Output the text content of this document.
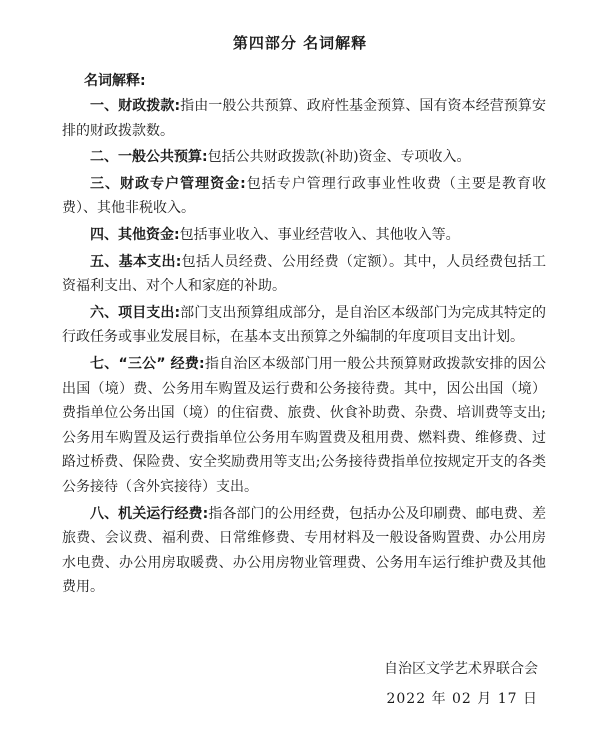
第四部分 名词解释
名词解释:

一、财政拨款:指由一般公共预算、政府性基金预算、国有资本经营预算安排的财政拨款数。

二、一般公共预算:包括公共财政拨款(补助)资金、专项收入。

三、财政专户管理资金:包括专户管理行政事业性收费（主要是教育收费）、其他非税收入。

四、其他资金:包括事业收入、事业经营收入、其他收入等。

五、基本支出:包括人员经费、公用经费（定额）。其中，人员经费包括工资福利支出、对个人和家庭的补助。

六、项目支出:部门支出预算组成部分，是自治区本级部门为完成其特定的行政任务或事业发展目标，在基本支出预算之外编制的年度项目支出计划。

七、“三公” 经费:指自治区本级部门用一般公共预算财政拨款安排的因公出国（境）费、公务用车购置及运行费和公务接待费。其中，因公出国（境）费指单位公务出国（境）的住宿费、旅费、伙食补助费、杂费、培训费等支出;公务用车购置及运行费指单位公务用车购置费及租用费、燃料费、维修费、过路过桥费、保险费、安全奖励费用等支出;公务接待费指单位按规定开支的各类公务接待（含外宾接待）支出。

八、机关运行经费:指各部门的公用经费，包括办公及印刷费、邮电费、差旅费、会议费、福利费、日常维修费、专用材料及一般设备购置费、办公用房水电费、办公用房取暖费、办公用房物业管理费、公务用车运行维护费及其他费用。

自治区文学艺术界联合会
2022 年 02 月 17 日
